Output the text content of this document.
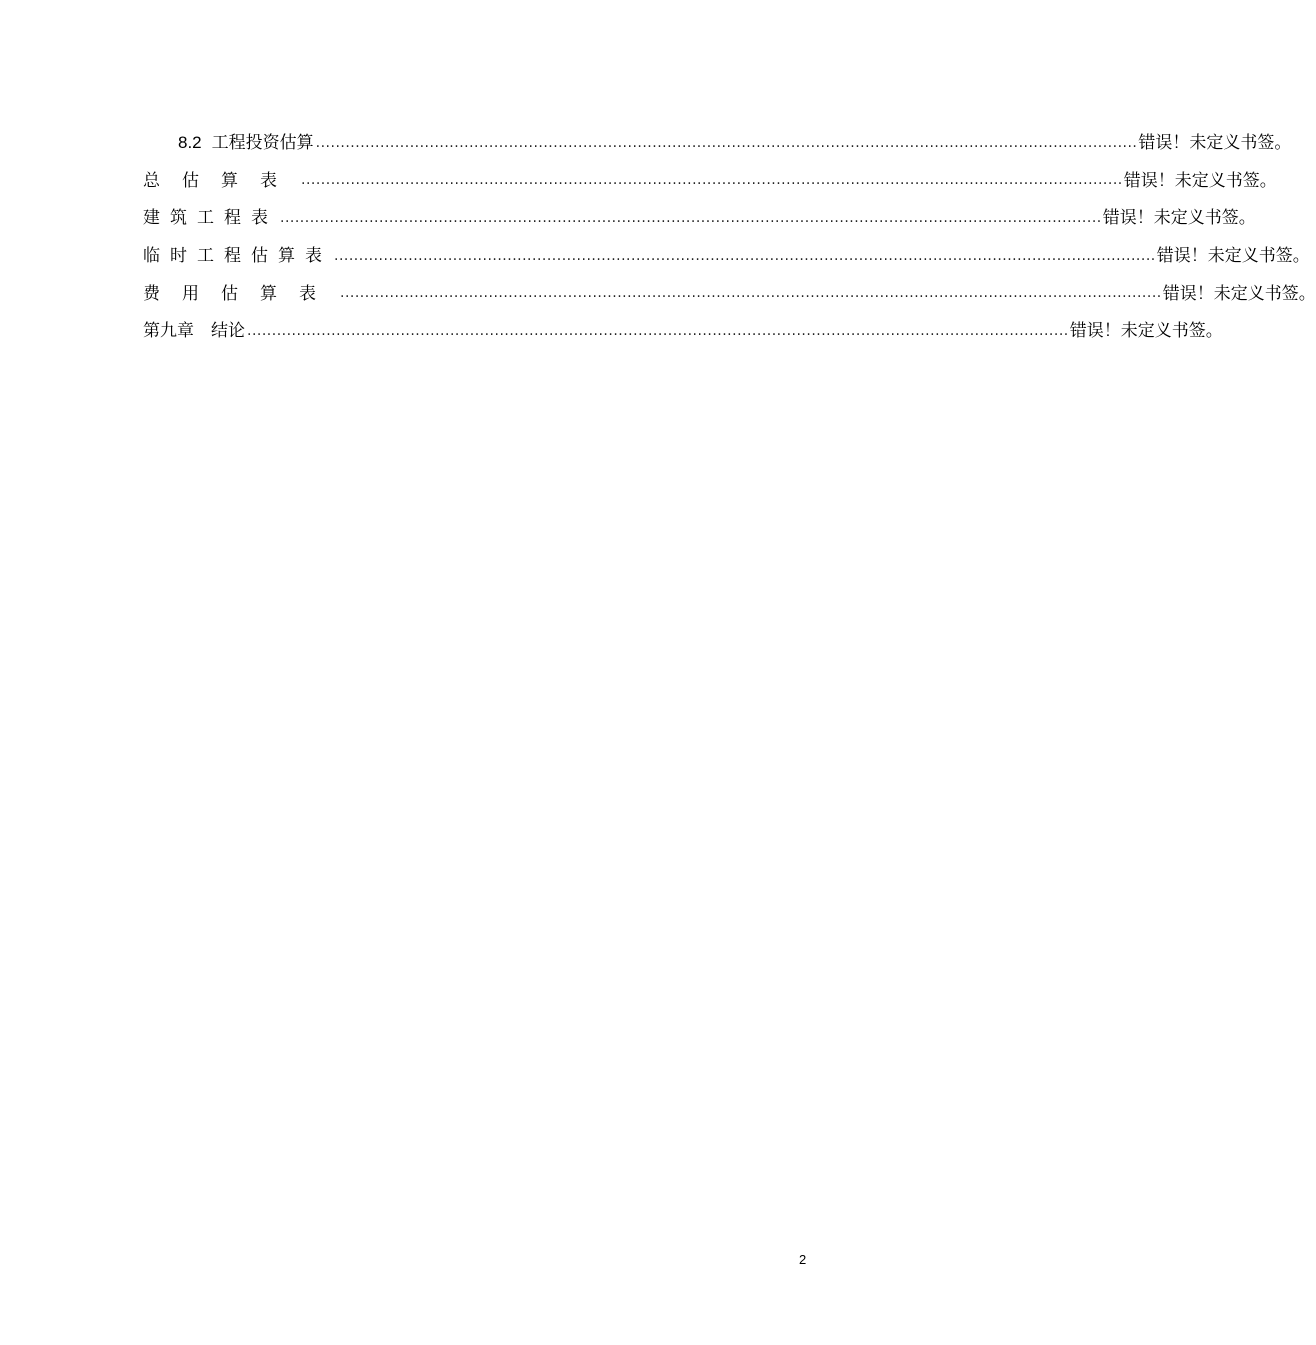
8.2 工程投资估算 ...................................................................................................................................................................... 错误！未定义书签。
总估算表 ...................................................................................................................................................................... 错误！未定义书签。
建筑工程表 ...................................................................................................................................................................... 错误！未定义书签。
临时工程估算表 ...................................................................................................................................................................... 错误！未定义书签。
费用估算表 ...................................................................................................................................................................... 错误！未定义书签。
第九章　结论 ...................................................................................................................................................................... 错误！未定义书签。
2
